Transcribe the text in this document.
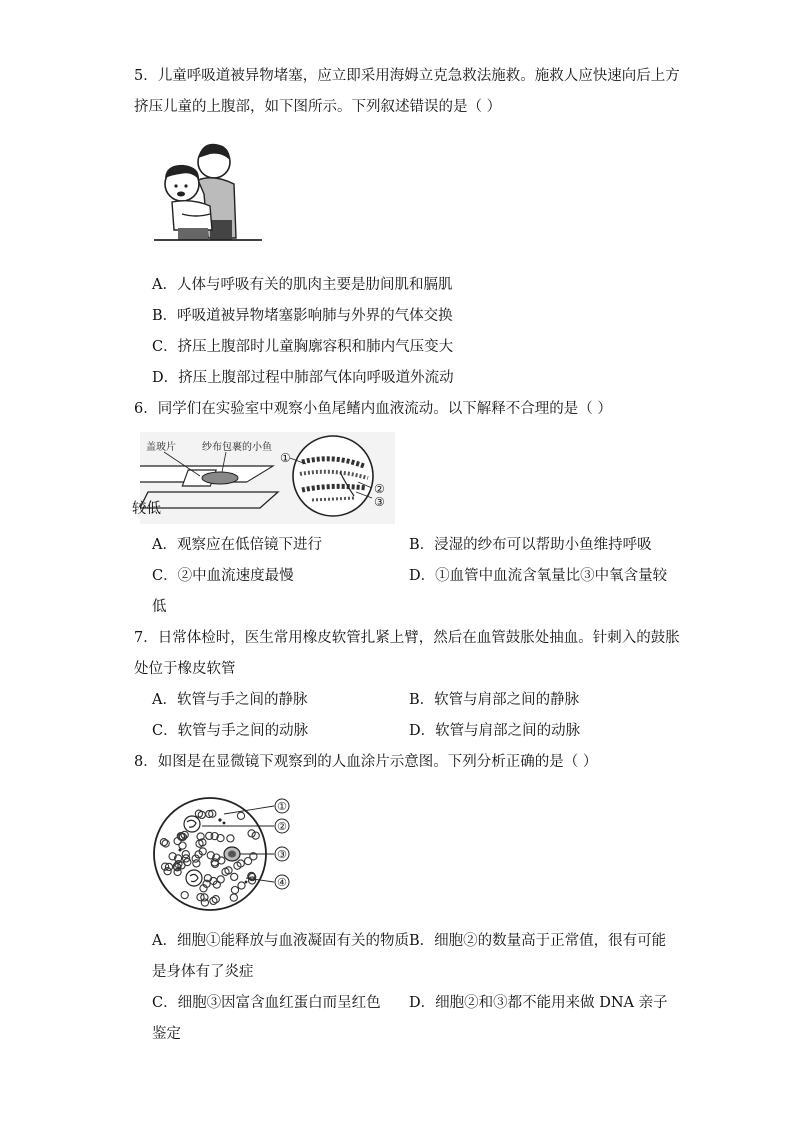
5．儿童呼吸道被异物堵塞，应立即采用海姆立克急救法施救。施救人应快速向后上方
挤压儿童的上腹部，如下图所示。下列叙述错误的是（ ）
A．人体与呼吸有关的肌肉主要是肋间肌和膈肌
B．呼吸道被异物堵塞影响肺与外界的气体交换
C．挤压上腹部时儿童胸廓容积和肺内气压变大
D．挤压上腹部过程中肺部气体向呼吸道外流动
6．同学们在实验室中观察小鱼尾鳍内血液流动。以下解释不合理的是（ ）
盖玻片	纱布包裹的小鱼
①
②
③
较低
A．观察应在低倍镜下进行	B．浸湿的纱布可以帮助小鱼维持呼吸
C．②中血流速度最慢	D．①血管中血流含氧量比③中氧含量较
低
7．日常体检时，医生常用橡皮软管扎紧上臂，然后在血管鼓胀处抽血。针刺入的鼓胀
处位于橡皮软管
A．软管与手之间的静脉	B．软管与肩部之间的静脉
C．软管与手之间的动脉	D．软管与肩部之间的动脉
8．如图是在显微镜下观察到的人血涂片示意图。下列分析正确的是（ ）
①
②
③
④
A．细胞①能释放与血液凝固有关的物质 B．细胞②的数量高于正常值，很有可能
是身体有了炎症
C．细胞③因富含血红蛋白而呈红色 D．细胞②和③都不能用来做 DNA 亲子
鉴定
